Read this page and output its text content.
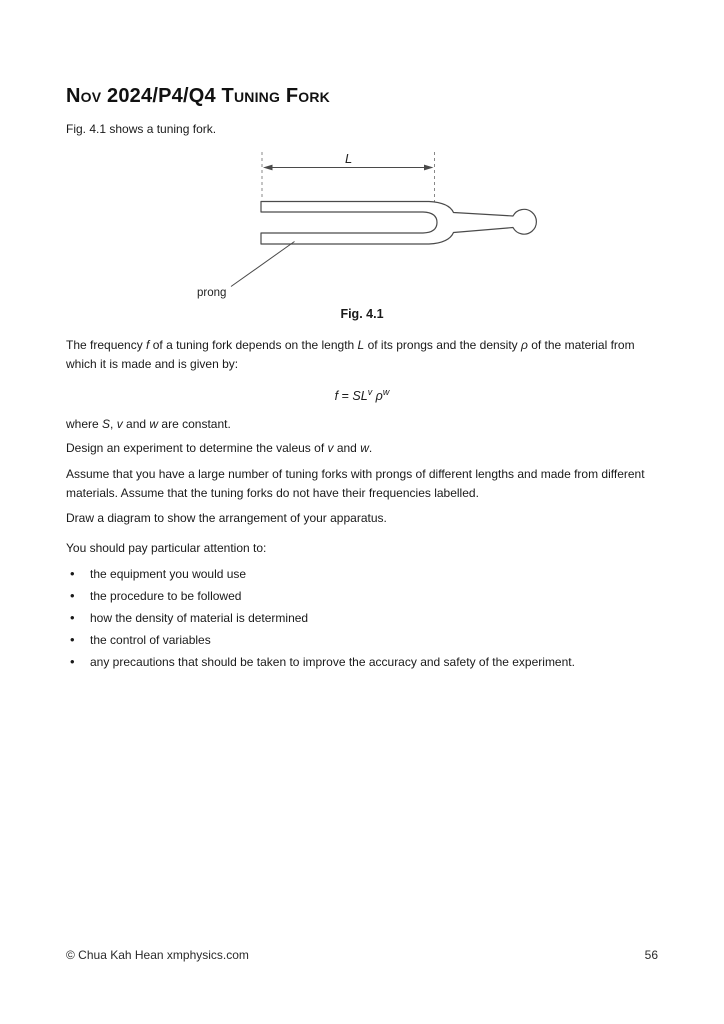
Nov 2024/P4/Q4 Tuning Fork

Fig. 4.1 shows a tuning fork.

L
prong

Fig. 4.1

The frequency f of a tuning fork depends on the length L of its prongs and the density ρ of the material from which it is made and is given by:

$f = SL^v$ $\rho^w$

where S, v and w are constant.

Design an experiment to determine the valeus of v and w.

Assume that you have a large number of tuning forks with prongs of different lengths and made from different materials. Assume that the tuning forks do not have their frequencies labelled.

Draw a diagram to show the arrangement of your apparatus.

You should pay particular attention to:

•
the equipment you would use
•
the procedure to be followed
•
how the density of material is determined
•
the control of variables
•
any precautions that should be taken to improve the accuracy and safety of the experiment.
© Chua Kah Hean xmphysics.com	56
